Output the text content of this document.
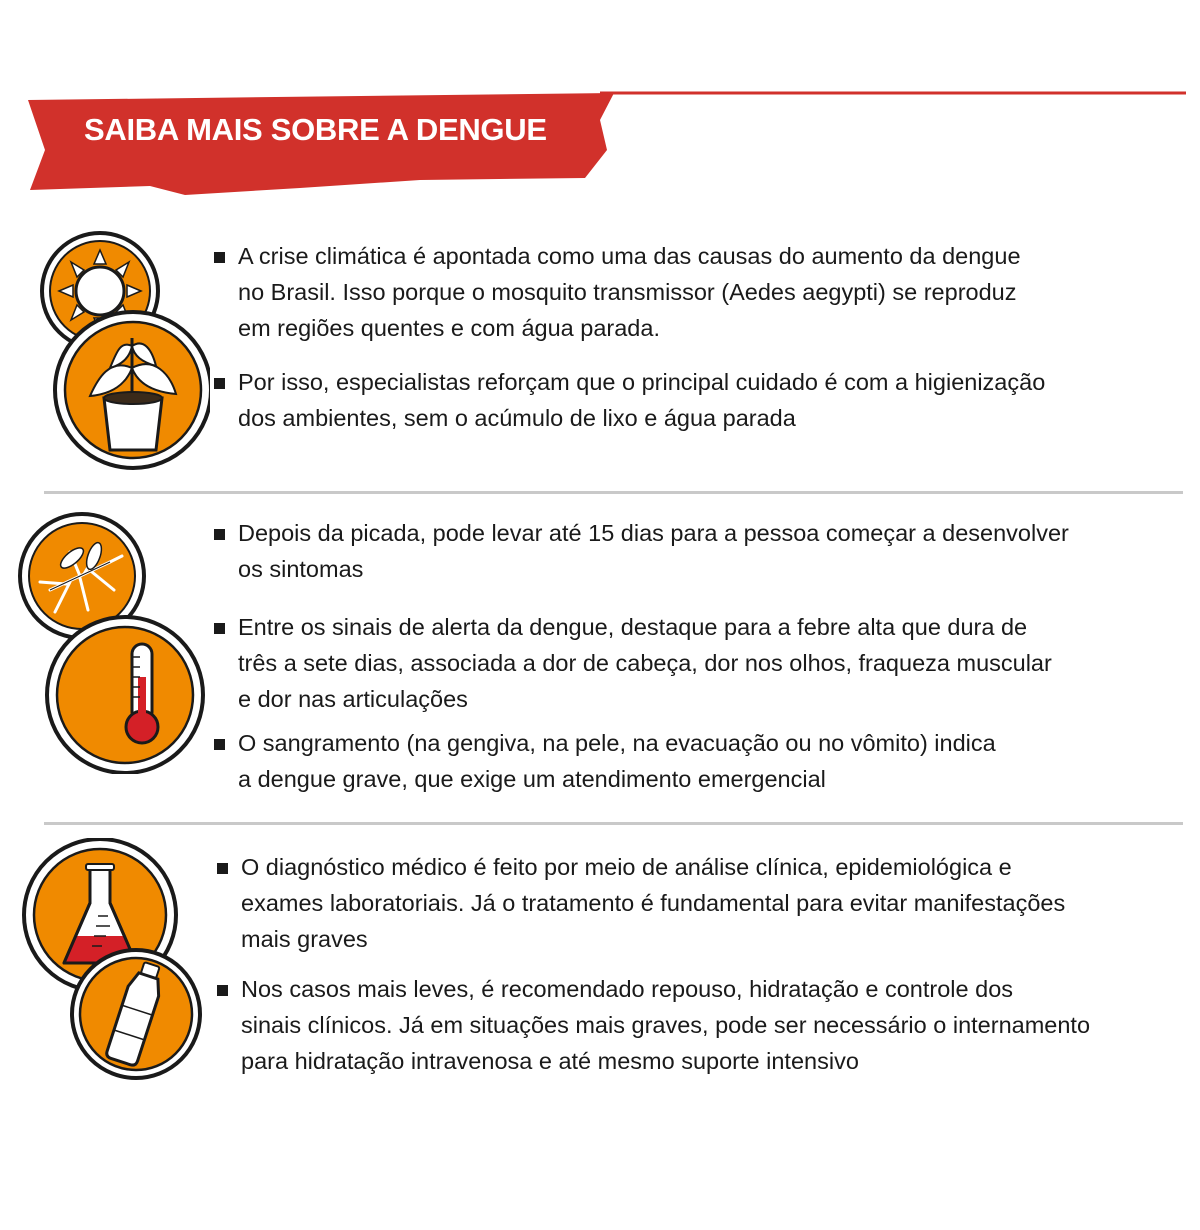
SAIBA MAIS SOBRE A DENGUE
A crise climática é apontada como uma das causas do aumento da dengue
no Brasil. Isso porque o mosquito transmissor (Aedes aegypti) se reproduz
em regiões quentes e com água parada.
Por isso, especialistas reforçam que o principal cuidado é com a higienização
dos ambientes, sem o acúmulo de lixo e água parada
Depois da picada, pode levar até 15 dias para a pessoa começar a desenvolver
os sintomas
Entre os sinais de alerta da dengue, destaque para a febre alta que dura de
três a sete dias, associada a dor de cabeça, dor nos olhos, fraqueza muscular
e dor nas articulações
O sangramento (na gengiva, na pele, na evacuação ou no vômito) indica
a dengue grave, que exige um atendimento emergencial
O diagnóstico médico é feito por meio de análise clínica, epidemiológica e
exames laboratoriais. Já o tratamento é fundamental para evitar manifestações
mais graves
Nos casos mais leves, é recomendado repouso, hidratação e controle dos
sinais clínicos. Já em situações mais graves, pode ser necessário o internamento
para hidratação intravenosa e até mesmo suporte intensivo
